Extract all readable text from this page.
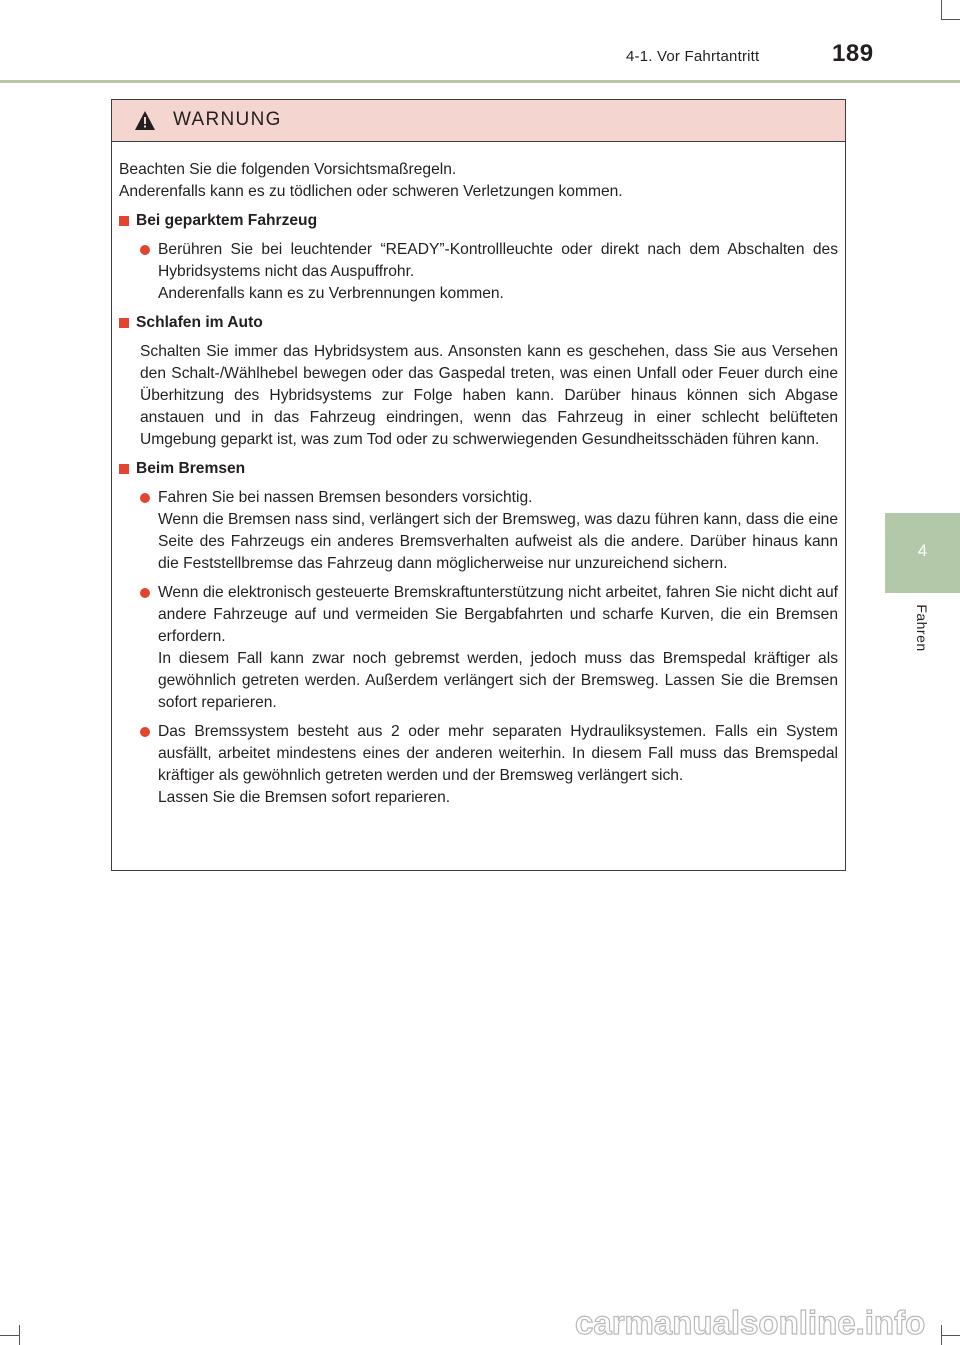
4-1. Vor Fahrtantritt	189
4
Fahren
WARNUNG

Beachten Sie die folgenden Vorsichtsmaßregeln.

Anderenfalls kann es zu tödlichen oder schweren Verletzungen kommen.

Bei geparktem Fahrzeug

Berühren Sie bei leuchtender “READY”-Kontrollleuchte oder direkt nach dem Abschalten des Hybridsystems nicht das Auspuffrohr.

Anderenfalls kann es zu Verbrennungen kommen.

Schlafen im Auto
Schalten Sie immer das Hybridsystem aus. Ansonsten kann es geschehen, dass Sie aus Versehen den Schalt-/Wählhebel bewegen oder das Gaspedal treten, was einen Unfall oder Feuer durch eine Überhitzung des Hybridsystems zur Folge haben kann. Darüber hinaus können sich Abgase anstauen und in das Fahrzeug eindringen, wenn das Fahrzeug in einer schlecht belüfteten Umgebung geparkt ist, was zum Tod oder zu schwerwiegenden Gesundheitsschäden führen kann.
Beim Bremsen

Fahren Sie bei nassen Bremsen besonders vorsichtig.

Wenn die Bremsen nass sind, verlängert sich der Bremsweg, was dazu führen kann, dass die eine Seite des Fahrzeugs ein anderes Bremsverhalten aufweist als die andere. Darüber hinaus kann die Feststellbremse das Fahrzeug dann möglicherweise nur unzureichend sichern.

Wenn die elektronisch gesteuerte Bremskraftunterstützung nicht arbeitet, fahren Sie nicht dicht auf andere Fahrzeuge auf und vermeiden Sie Bergabfahrten und scharfe Kurven, die ein Bremsen erfordern.

In diesem Fall kann zwar noch gebremst werden, jedoch muss das Bremspedal kräftiger als gewöhnlich getreten werden. Außerdem verlängert sich der Bremsweg. Lassen Sie die Bremsen sofort reparieren.

Das Bremssystem besteht aus 2 oder mehr separaten Hydrauliksystemen. Falls ein System ausfällt, arbeitet mindestens eines der anderen weiterhin. In diesem Fall muss das Bremspedal kräftiger als gewöhnlich getreten werden und der Bremsweg verlängert sich.

Lassen Sie die Bremsen sofort reparieren.

carmanualsonline.info
